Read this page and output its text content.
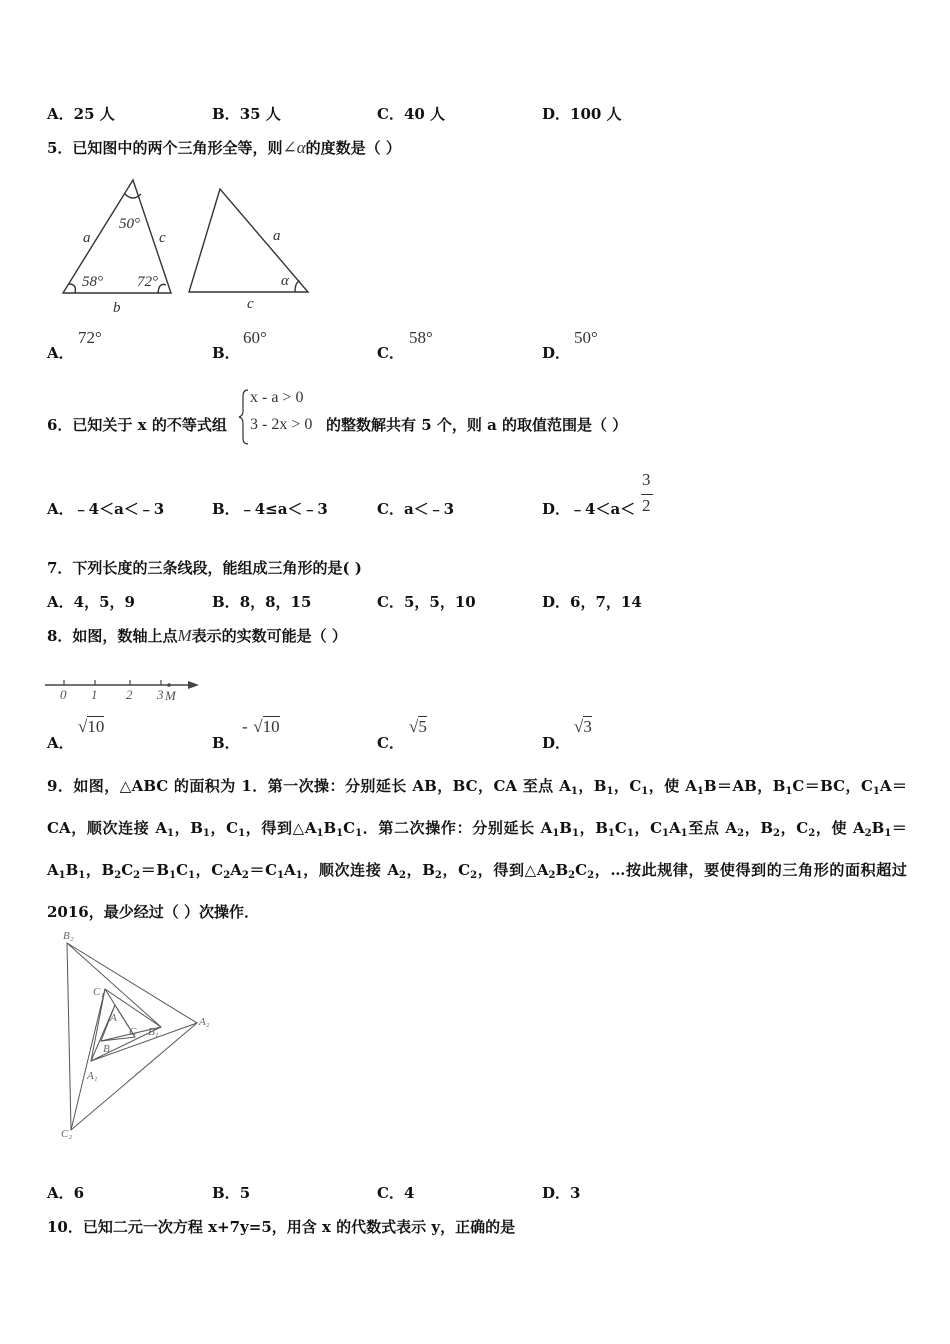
A．25 人	B．35 人	C．40 人	D．100 人
5．已知图中的两个三角形全等，则∠α的度数是（ ）
50°
58° 72°
a	c
b
a
c
α
A．
72°
B．
60°
C．
58°
D．
50°
6．已知关于 x 的不等式组
x - a > 0
3 - 2x > 0 的整数解共有 5 个，则 a 的取值范围是（ ）
A．﹣4＜a＜﹣3	B．﹣4≤a＜﹣3	C．a＜﹣3	D．﹣4＜a＜
3
2
7．下列长度的三条线段，能组成三角形的是( )
A．4，5，9	B．8，8，15	C．5，5，10	D．6，7，14
8．如图，数轴上点M表示的实数可能是（ ）
0 1 2 3 M
A．
√10
B．
- √10
C．
√5
D．
√3
9．如图，△ABC 的面积为 1．第一次操：分别延长 AB，BC，CA 至点 $A_1$，$B_1$，$C_1$，使 $A_1B=AB$，$B_1C=BC$，$C_1A=CA$，顺次连接 $A_1$，$B_1$，$C_1$，得到$\triangle A_1B_1C_1$．第二次操作：分别延长 $A_1B_1$，$B_1C_1$，$C_1A_1$至点 $A_2$，$B_2$，$C_2$，使 $A_2B_1=A_1B_1$，$B_2C_2=B_1C_1$，$C_2A_2=C_1A_1$，顺次连接 $A_2$，$B_2$，$C_2$，得到$\triangle A_2B_2C_2$，…按此规律，要使得到的三角形的面积超过 2016，最少经过（ ）次操作．
B₂
C₁
A
C B₁
A₂
B
A₁
C₂
A．6	B．5	C．4	D．3
10．已知二元一次方程 x+7y=5，用含 x 的代数式表示 y，正确的是
